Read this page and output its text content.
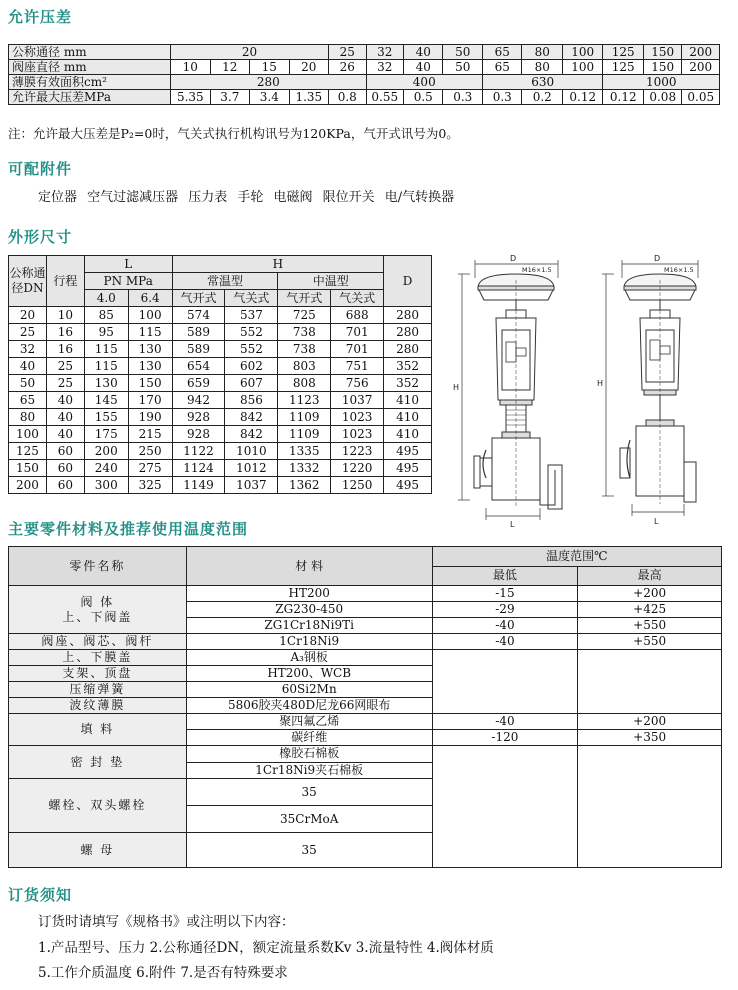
允许压差
公称通径 mm	20				25	32	40	50	65	80	100	125	150	200
阀座直径 mm	10	12	15	20	26	32	40	50	65	80	100	125	150	200
薄膜有效面积cm²	280					400			630			1000		
允许最大压差MPa	5.35	3.7	3.4	1.35	0.8	0.55	0.5	0.3	0.3	0.2	0.12	0.12	0.08	0.05
注：允许最大压差是P₂=0时，气关式执行机构讯号为120KPa，气开式讯号为0。
可配附件
定位器 空气过滤减压器 压力表 手轮 电磁阀 限位开关 电/气转换器
外形尺寸
公称通径DN	行程	L		H				D
		PN MPa		常温型		中温型		
		4.0	6.4	气开式	气关式	气开式	气关式	
20	10	85	100	574	537	725	688	280
25	16	95	115	589	552	738	701	280
32	16	115	130	589	552	738	701	280
40	25	115	130	654	602	803	751	352
50	25	130	150	659	607	808	756	352
65	40	145	170	942	856	1123	1037	410
80	40	155	190	928	842	1109	1023	410
100	40	175	215	928	842	1109	1023	410
125	60	200	250	1122	1010	1335	1223	495
150	60	240	275	1124	1012	1332	1220	495
200	60	300	325	1149	1037	1362	1250	495
D
M16×1.5
L
H
D
M16×1.5
L
H
主要零件材料及推荐使用温度范围
零件名称	材 料	温度范围℃	
		最低	最高

阀 体
上、下阀盖	HT200	-15	+200
	ZG230-450	-29	+425
	ZG1Cr18Ni9Ti	-40	+550
阀座、阀芯、阀杆	1Cr18Ni9	-40	+550
上、下膜盖	A₃钢板		
支架、顶盘	HT200、WCB		
压缩弹簧	60Si2Mn		
波纹薄膜	5806胶夹480D尼龙66网眼布		
填 料	聚四氟乙烯	-40	+200
	碳纤维	-120	+350
密 封 垫	橡胶石棉板		
	1Cr18Ni9夹石棉板		
螺栓、双头螺栓	35		
	35CrMoA		
螺 母	35		
订货须知
订货时请填写《规格书》或注明以下内容：
1.产品型号、压力 2.公称通径DN，额定流量系数Kv 3.流量特性 4.阀体材质
5.工作介质温度 6.附件 7.是否有特殊要求
